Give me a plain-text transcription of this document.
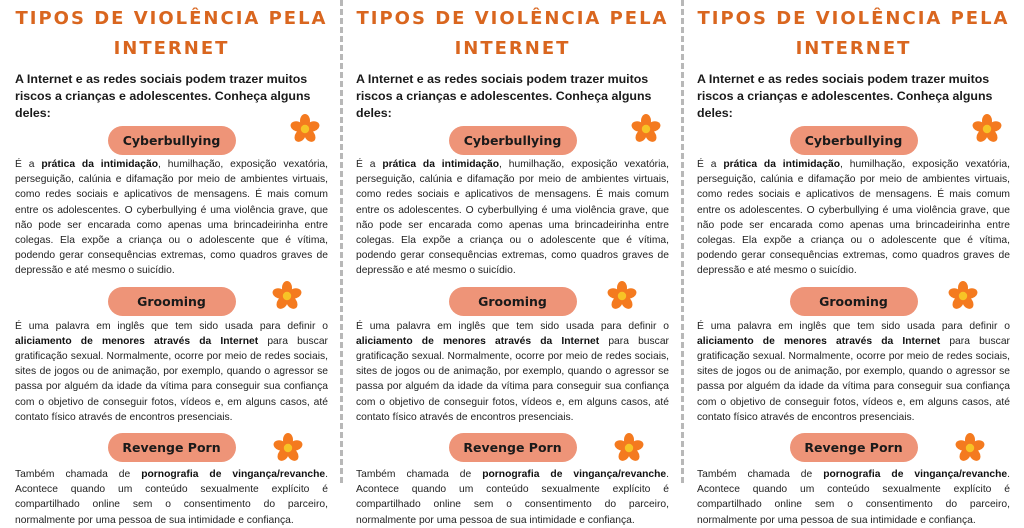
TIPOS DE VIOLÊNCIA PELA INTERNET
A Internet e as redes sociais podem trazer muitos riscos a crianças e adolescentes. Conheça alguns deles:
Cyberbullying

É a prática da intimidação, humilhação, exposição vexatória, perseguição, calúnia e difamação por meio de ambientes virtuais, como redes sociais e aplicativos de mensagens. É mais comum entre os adolescentes. O cyberbullying é uma violência grave, que não pode ser encarada como apenas uma brincadeirinha entre colegas. Ela expõe a criança ou o adolescente que é vítima, podendo gerar consequências extremas, como quadros graves de depressão e até mesmo o suicídio.

Grooming

É uma palavra em inglês que tem sido usada para definir o aliciamento de menores através da Internet para buscar gratificação sexual. Normalmente, ocorre por meio de redes sociais, sites de jogos ou de animação, por exemplo, quando o agressor se passa por alguém da idade da vítima para conseguir sua confiança com o objetivo de conseguir fotos, vídeos e, em alguns casos, até contato físico através de encontros presenciais.

Revenge Porn

Também chamada de pornografia de vingança/revanche. Acontece quando um conteúdo sexualmente explícito é compartilhado online sem o consentimento do parceiro, normalmente por uma pessoa de sua intimidade e confiança.

TIPOS DE VIOLÊNCIA PELA INTERNET
A Internet e as redes sociais podem trazer muitos riscos a crianças e adolescentes. Conheça alguns deles:
Cyberbullying

É a prática da intimidação, humilhação, exposição vexatória, perseguição, calúnia e difamação por meio de ambientes virtuais, como redes sociais e aplicativos de mensagens. É mais comum entre os adolescentes. O cyberbullying é uma violência grave, que não pode ser encarada como apenas uma brincadeirinha entre colegas. Ela expõe a criança ou o adolescente que é vítima, podendo gerar consequências extremas, como quadros graves de depressão e até mesmo o suicídio.

Grooming

É uma palavra em inglês que tem sido usada para definir o aliciamento de menores através da Internet para buscar gratificação sexual. Normalmente, ocorre por meio de redes sociais, sites de jogos ou de animação, por exemplo, quando o agressor se passa por alguém da idade da vítima para conseguir sua confiança com o objetivo de conseguir fotos, vídeos e, em alguns casos, até contato físico através de encontros presenciais.

Revenge Porn

Também chamada de pornografia de vingança/revanche. Acontece quando um conteúdo sexualmente explícito é compartilhado online sem o consentimento do parceiro, normalmente por uma pessoa de sua intimidade e confiança.

TIPOS DE VIOLÊNCIA PELA INTERNET
A Internet e as redes sociais podem trazer muitos riscos a crianças e adolescentes. Conheça alguns deles:
Cyberbullying

É a prática da intimidação, humilhação, exposição vexatória, perseguição, calúnia e difamação por meio de ambientes virtuais, como redes sociais e aplicativos de mensagens. É mais comum entre os adolescentes. O cyberbullying é uma violência grave, que não pode ser encarada como apenas uma brincadeirinha entre colegas. Ela expõe a criança ou o adolescente que é vítima, podendo gerar consequências extremas, como quadros graves de depressão e até mesmo o suicídio.

Grooming

É uma palavra em inglês que tem sido usada para definir o aliciamento de menores através da Internet para buscar gratificação sexual. Normalmente, ocorre por meio de redes sociais, sites de jogos ou de animação, por exemplo, quando o agressor se passa por alguém da idade da vítima para conseguir sua confiança com o objetivo de conseguir fotos, vídeos e, em alguns casos, até contato físico através de encontros presenciais.

Revenge Porn

Também chamada de pornografia de vingança/revanche. Acontece quando um conteúdo sexualmente explícito é compartilhado online sem o consentimento do parceiro, normalmente por uma pessoa de sua intimidade e confiança.
